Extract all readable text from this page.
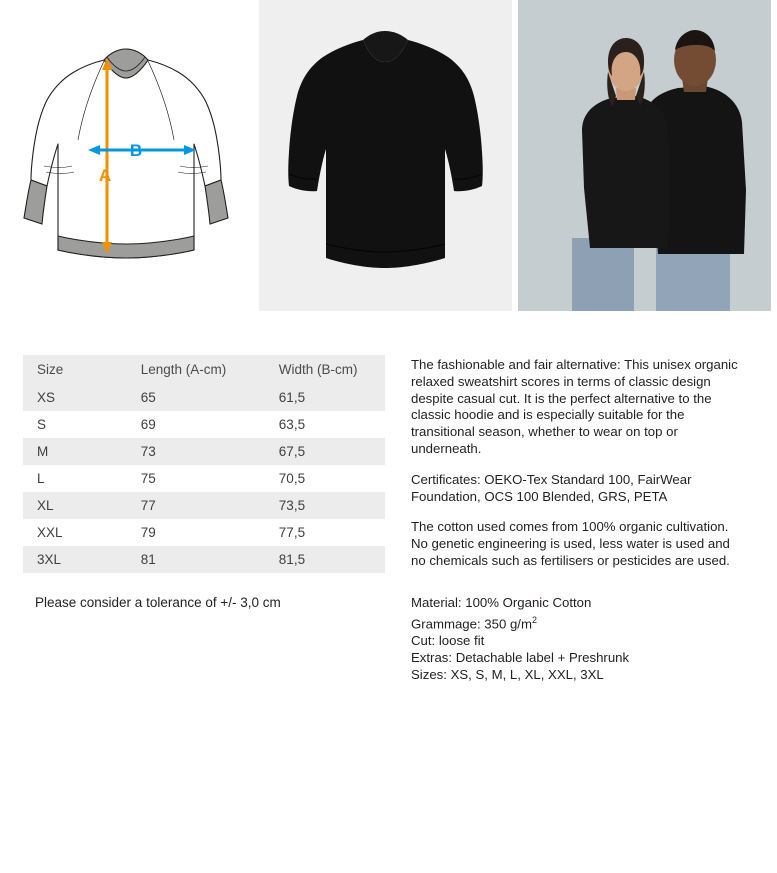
A
B
Size	Length (A-cm)	Width (B-cm)
XS	65	61,5
S	69	63,5
M	73	67,5
L	75	70,5
XL	77	73,5
XXL	79	77,5
3XL	81	81,5
Please consider a tolerance of +/- 3,0 cm

The fashionable and fair alternative: This unisex organic relaxed sweatshirt scores in terms of classic design despite casual cut. It is the perfect alternative to the classic hoodie and is especially suitable for the transitional season, whether to wear on top or underneath.

Certificates: OEKO-Tex Standard 100, FairWear Foundation, OCS 100 Blended, GRS, PETA

The cotton used comes from 100% organic cultivation. No genetic engineering is used, less water is used and no chemicals such as fertilisers or pesticides are used.

Material: 100% Organic Cotton
Grammage: 350 $g/m^2$
Cut: loose fit
Extras: Detachable label + Preshrunk
Sizes: XS, S, M, L, XL, XXL, 3XL
